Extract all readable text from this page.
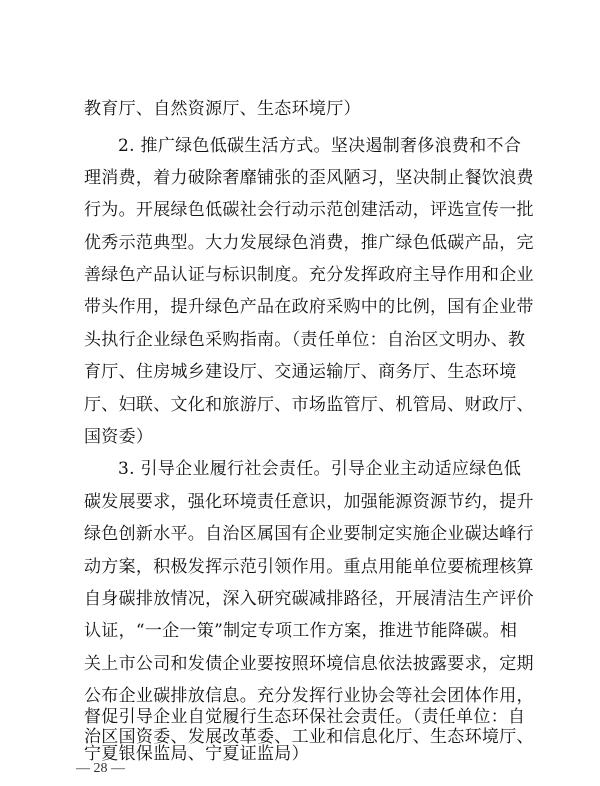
教育厅、自然资源厅、生态环境厅）
2. 推广绿色低碳生活方式。坚决遏制奢侈浪费和不合
理消费，着力破除奢靡铺张的歪风陋习，坚决制止餐饮浪费
行为。开展绿色低碳社会行动示范创建活动，评选宣传一批
优秀示范典型。大力发展绿色消费，推广绿色低碳产品，完
善绿色产品认证与标识制度。充分发挥政府主导作用和企业
带头作用，提升绿色产品在政府采购中的比例，国有企业带
头执行企业绿色采购指南。（责任单位：自治区文明办、教
育厅、住房城乡建设厅、交通运输厅、商务厅、生态环境
厅、妇联、文化和旅游厅、市场监管厅、机管局、财政厅、
国资委）
3. 引导企业履行社会责任。引导企业主动适应绿色低
碳发展要求，强化环境责任意识，加强能源资源节约，提升
绿色创新水平。自治区属国有企业要制定实施企业碳达峰行
动方案，积极发挥示范引领作用。重点用能单位要梳理核算
自身碳排放情况，深入研究碳减排路径，开展清洁生产评价
认证，“一企一策”制定专项工作方案，推进节能降碳。相
关上市公司和发债企业要按照环境信息依法披露要求，定期
公布企业碳排放信息。充分发挥行业协会等社会团体作用，
督促引导企业自觉履行生态环保社会责任。（责任单位：自
治区国资委、发展改革委、工业和信息化厅、生态环境厅、
宁夏银保监局、宁夏证监局）
— 28 —
